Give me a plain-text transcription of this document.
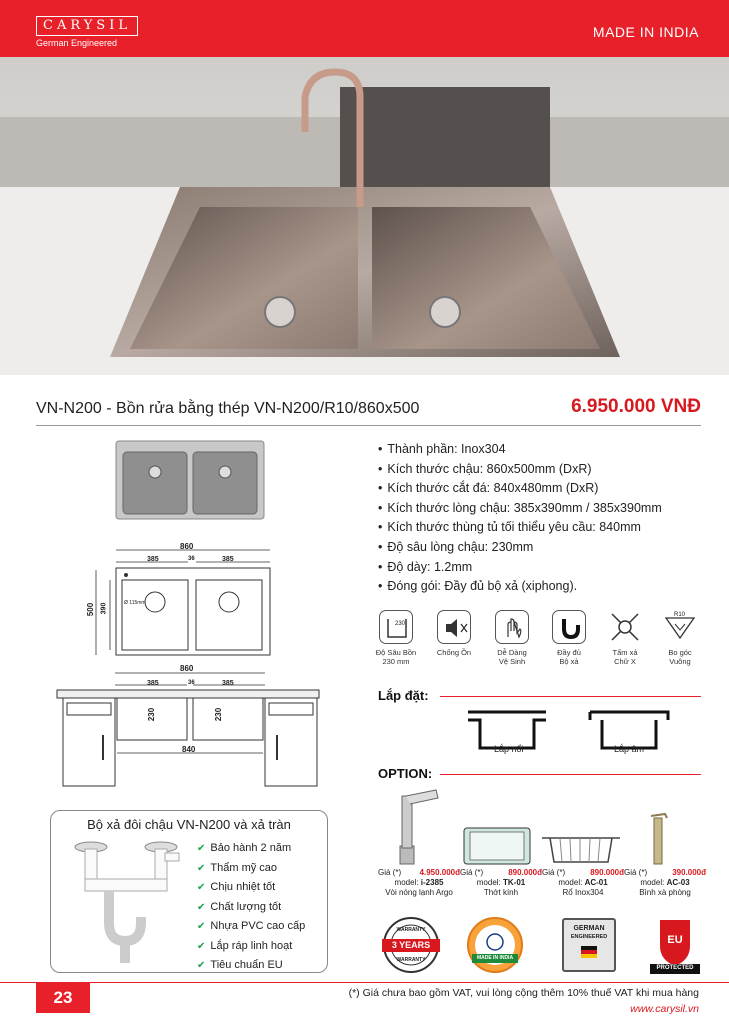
CARYSIL
German Engineered
MADE IN INDIA
VN-N200 - Bồn rửa bằng thép VN-N200/R10/860x500	6.950.000 VNĐ
860
385	36	385
500 390	Ø 115mm
860
385	36	385
230	230
840
• Thành phần: Inox304
• Kích thước chậu: 860x500mm (DxR)
• Kích thước cắt đá: 840x480mm (DxR)
• Kích thước lòng chậu: 385x390mm / 385x390mm
• Kích thước thùng tủ tối thiểu yêu cầu: 840mm
• Độ sâu lòng chậu: 230mm
• Độ dày: 1.2mm
• Đóng gói: Đầy đủ bộ xả (xiphong).
230
Độ Sâu Bồn
230 mm
Chống Ồn	Dễ Dàng
Vệ Sinh
Đầy đủ
Bộ xả
Tấm xả
Chữ X
R10
Bo góc
Vuông
Lắp đặt:
Lắp nổi	Lắp âm
OPTION:
Giá (*) 4.950.000đ
model: i-2385
Vòi nóng lạnh Argo
Giá (*)	890.000đ
model: TK-01
Thớt kính
Giá (*)	890.000đ
model: AC-01
Rổ Inox304
Giá (*)	390.000đ
model: AC-03
Bình xà phòng
Bộ xả đôi chậu VN-N200 và xả tràn
✔ Bảo hành 2 năm
✔ Thẩm mỹ cao
✔ Chịu nhiệt tốt
✔ Chất lượng tốt
✔ Nhựa PVC cao cấp
✔ Lắp ráp linh hoạt
✔ Tiêu chuẩn EU
3 YEARS
WARRANTY
WARRANTY	MADE IN INDIA
GERMAN
ENGINEERED	EU
PROTECTED
23	(*) Giá chưa bao gồm VAT, vui lòng cộng thêm 10% thuế VAT khi mua hàng
www.carysil.vn
